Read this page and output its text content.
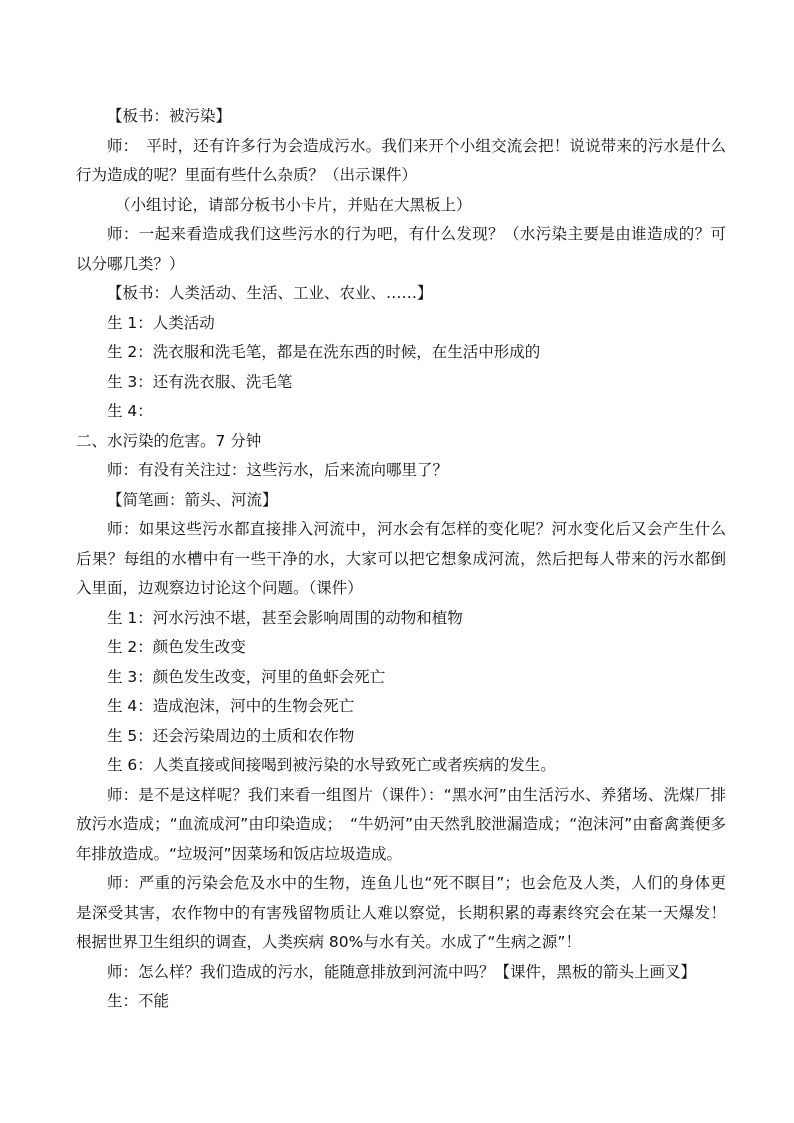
【板书：被污染】

师：　平时，还有许多行为会造成污水。我们来开个小组交流会把！说说带来的污水是什么行为造成的呢？里面有些什么杂质？（出示课件）

（小组讨论，请部分板书小卡片，并贴在大黑板上）

师：一起来看造成我们这些污水的行为吧，有什么发现？（水污染主要是由谁造成的？可以分哪几类？）

【板书：人类活动、生活、工业、农业、……】

生 1：人类活动

生 2：洗衣服和洗毛笔，都是在洗东西的时候，在生活中形成的

生 3：还有洗衣服、洗毛笔

生 4：

二、水污染的危害。7 分钟

师：有没有关注过：这些污水，后来流向哪里了？

【简笔画：箭头、河流】

师：如果这些污水都直接排入河流中，河水会有怎样的变化呢？河水变化后又会产生什么后果？每组的水槽中有一些干净的水，大家可以把它想象成河流，然后把每人带来的污水都倒入里面，边观察边讨论这个问题。（课件）

生 1：河水污浊不堪，甚至会影响周围的动物和植物

生 2：颜色发生改变

生 3：颜色发生改变，河里的鱼虾会死亡

生 4：造成泡沫，河中的生物会死亡

生 5：还会污染周边的土质和农作物

生 6：人类直接或间接喝到被污染的水导致死亡或者疾病的发生。

师：是不是这样呢？我们来看一组图片（课件）：“黑水河”由生活污水、养猪场、洗煤厂排放污水造成；“血流成河”由印染造成；　“牛奶河”由天然乳胶泄漏造成；“泡沫河”由畜禽粪便多年排放造成。“垃圾河”因菜场和饭店垃圾造成。

师：严重的污染会危及水中的生物，连鱼儿也“死不瞑目”；也会危及人类，人们的身体更是深受其害，农作物中的有害残留物质让人难以察觉，长期积累的毒素终究会在某一天爆发！根据世界卫生组织的调查，人类疾病 80%与水有关。水成了“生病之源”！

师：怎么样？我们造成的污水，能随意排放到河流中吗？【课件，黑板的箭头上画叉】

生：不能
